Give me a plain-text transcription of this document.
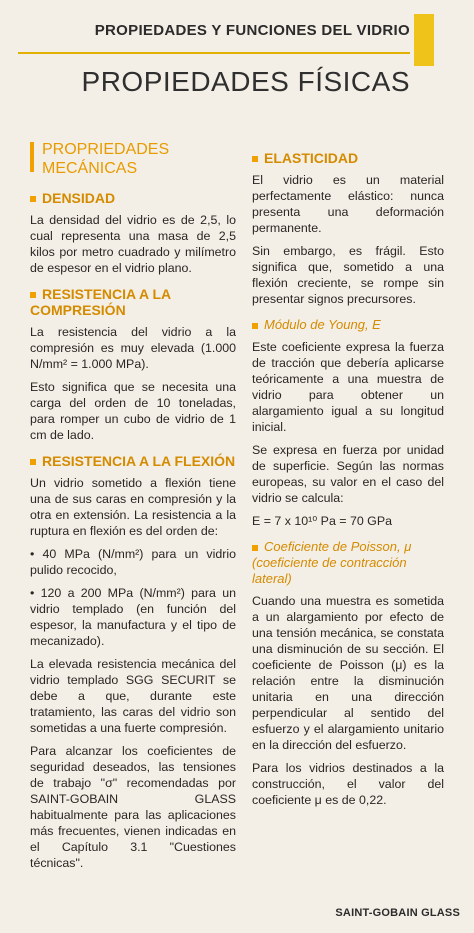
PROPIEDADES Y FUNCIONES DEL VIDRIO
PROPIEDADES FÍSICAS
PROPRIEDADES MECÁNICAS
DENSIDAD

La densidad del vidrio es de 2,5, lo cual representa una masa de 2,5 kilos por metro cuadrado y milímetro de espesor en el vidrio plano.

RESISTENCIA A LA COMPRESIÓN

La resistencia del vidrio a la compresión es muy elevada (1.000 N/mm² = 1.000 MPa).

Esto significa que se necesita una carga del orden de 10 toneladas, para romper un cubo de vidrio de 1 cm de lado.

RESISTENCIA A LA FLEXIÓN

Un vidrio sometido a flexión tiene una de sus caras en compresión y la otra en extensión. La resistencia a la ruptura en flexión es del orden de:

• 40 MPa (N/mm²) para un vidrio pulido recocido,

• 120 a 200 MPa (N/mm²) para un vidrio templado (en función del espesor, la manufactura y el tipo de mecanizado).

La elevada resistencia mecánica del vidrio templado SGG SECURIT se debe a que, durante este tratamiento, las caras del vidrio son sometidas a una fuerte compresión.

Para alcanzar los coeficientes de seguridad deseados, las tensiones de trabajo "σ" recomendadas por SAINT-GOBAIN GLASS habitualmente para las aplicaciones más frecuentes, vienen indicadas en el Capítulo 3.1 "Cuestiones técnicas".

ELASTICIDAD

El vidrio es un material perfectamente elástico: nunca presenta una deformación permanente.

Sin embargo, es frágil. Esto significa que, sometido a una flexión creciente, se rompe sin presentar signos precursores.

Módulo de Young, E

Este coeficiente expresa la fuerza de tracción que debería aplicarse teóricamente a una muestra de vidrio para obtener un alargamiento igual a su longitud inicial.

Se expresa en fuerza por unidad de superficie. Según las normas europeas, su valor en el caso del vidrio se calcula:

E = 7 x 10¹⁰ Pa = 70 GPa

Coeficiente de Poisson, μ (coeficiente de contracción lateral)

Cuando una muestra es sometida a un alargamiento por efecto de una tensión mecánica, se constata una disminución de su sección. El coeficiente de Poisson (μ) es la relación entre la disminución unitaria en una dirección perpendicular al sentido del esfuerzo y el alargamiento unitario en la dirección del esfuerzo.

Para los vidrios destinados a la construcción, el valor del coeficiente μ es de 0,22.

SAINT-GOBAIN GLASS
